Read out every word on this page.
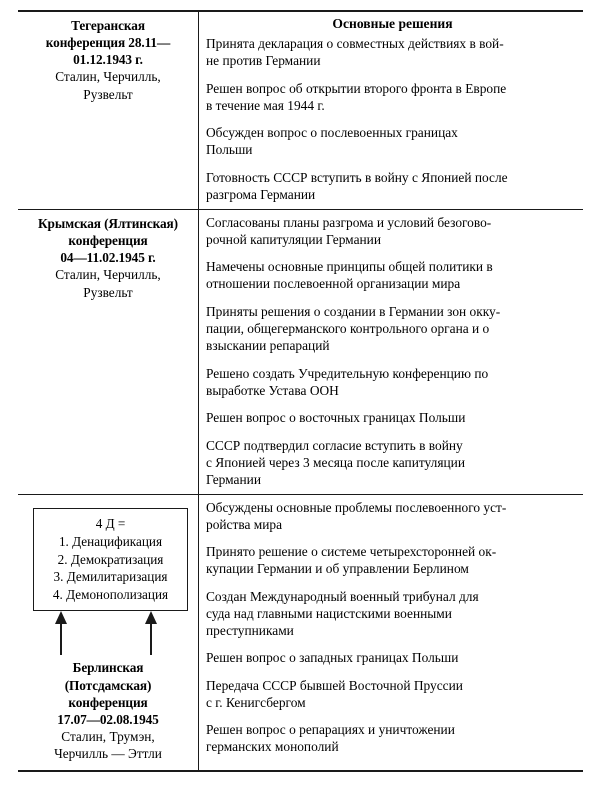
Тегеранская
конференция 28.11—
01.12.1943 г.
Сталин, Черчилль,
Рузвельт
Основные решения
Принята декларация о совместных действиях в вой-
не против Германии
Решен вопрос об открытии второго фронта в Европе
в течение мая 1944 г.
Обсужден вопрос о послевоенных границах
Польши
Готовность СССР вступить в войну с Японией после
разгрома Германии
Крымская (Ялтинская)
конференция
04—11.02.1945 г.
Сталин, Черчилль,
Рузвельт
Согласованы планы разгрома и условий безогово-
рочной капитуляции Германии
Намечены основные принципы общей политики в
отношении послевоенной организации мира
Приняты решения о создании в Германии зон окку-
пации, общегерманского контрольного органа и о
взыскании репараций
Решено создать Учредительную конференцию по
выработке Устава ООН
Решен вопрос о восточных границах Польши
СССР подтвердил согласие вступить в войну
с Японией через 3 месяца после капитуляции
Германии
4 Д =
1. Денацификация
2. Демократизация
3. Демилитаризация
4. Демонополизация
Берлинская
(Потсдамская)
конференция
17.07—02.08.1945
Сталин, Трумэн,
Черчилль — Эттли
Обсуждены основные проблемы послевоенного уст-
ройства мира
Принято решение о системе четырехсторонней ок-
купации Германии и об управлении Берлином
Создан Международный военный трибунал для
суда над главными нацистскими военными
преступниками
Решен вопрос о западных границах Польши
Передача СССР бывшей Восточной Пруссии
с г. Кенигсбергом
Решен вопрос о репарациях и уничтожении
германских монополий
